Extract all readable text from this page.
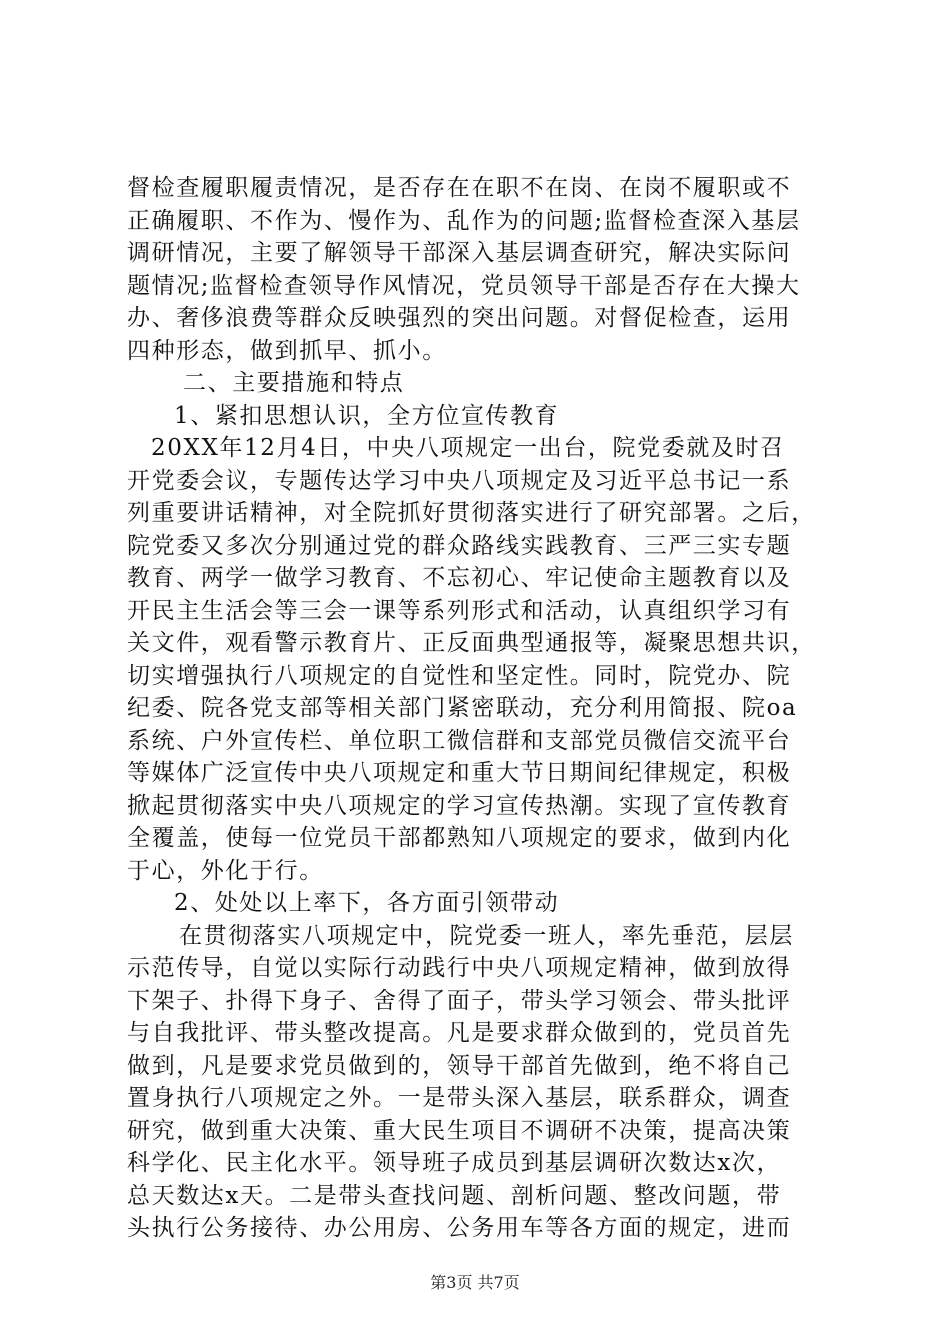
督检查履职履责情况，是否存在在职不在岗、在岗不履职或不
正确履职、不作为、慢作为、乱作为的问题;监督检查深入基层
调研情况，主要了解领导干部深入基层调查研究，解决实际问
题情况;监督检查领导作风情况，党员领导干部是否存在大操大
办、奢侈浪费等群众反映强烈的突出问题。对督促检查，运用
四种形态，做到抓早、抓小。
二、主要措施和特点
1、紧扣思想认识，全方位宣传教育
20XX年12月4日，中央八项规定一出台，院党委就及时召
开党委会议，专题传达学习中央八项规定及习近平总书记一系
列重要讲话精神，对全院抓好贯彻落实进行了研究部署。之后，
院党委又多次分别通过党的群众路线实践教育、三严三实专题
教育、两学一做学习教育、不忘初心、牢记使命主题教育以及
开民主生活会等三会一课等系列形式和活动，认真组织学习有
关文件，观看警示教育片、正反面典型通报等，凝聚思想共识，
切实增强执行八项规定的自觉性和坚定性。同时，院党办、院
纪委、院各党支部等相关部门紧密联动，充分利用简报、院oa
系统、户外宣传栏、单位职工微信群和支部党员微信交流平台
等媒体广泛宣传中央八项规定和重大节日期间纪律规定，积极
掀起贯彻落实中央八项规定的学习宣传热潮。实现了宣传教育
全覆盖，使每一位党员干部都熟知八项规定的要求，做到内化
于心，外化于行。
2、处处以上率下，各方面引领带动
在贯彻落实八项规定中，院党委一班人，率先垂范，层层
示范传导，自觉以实际行动践行中央八项规定精神，做到放得
下架子、扑得下身子、舍得了面子，带头学习领会、带头批评
与自我批评、带头整改提高。凡是要求群众做到的，党员首先
做到，凡是要求党员做到的，领导干部首先做到，绝不将自己
置身执行八项规定之外。一是带头深入基层，联系群众，调查
研究，做到重大决策、重大民生项目不调研不决策，提高决策
科学化、民主化水平。领导班子成员到基层调研次数达x次，
总天数达x天。二是带头查找问题、剖析问题、整改问题，带
头执行公务接待、办公用房、公务用车等各方面的规定，进而
第3页 共7页
